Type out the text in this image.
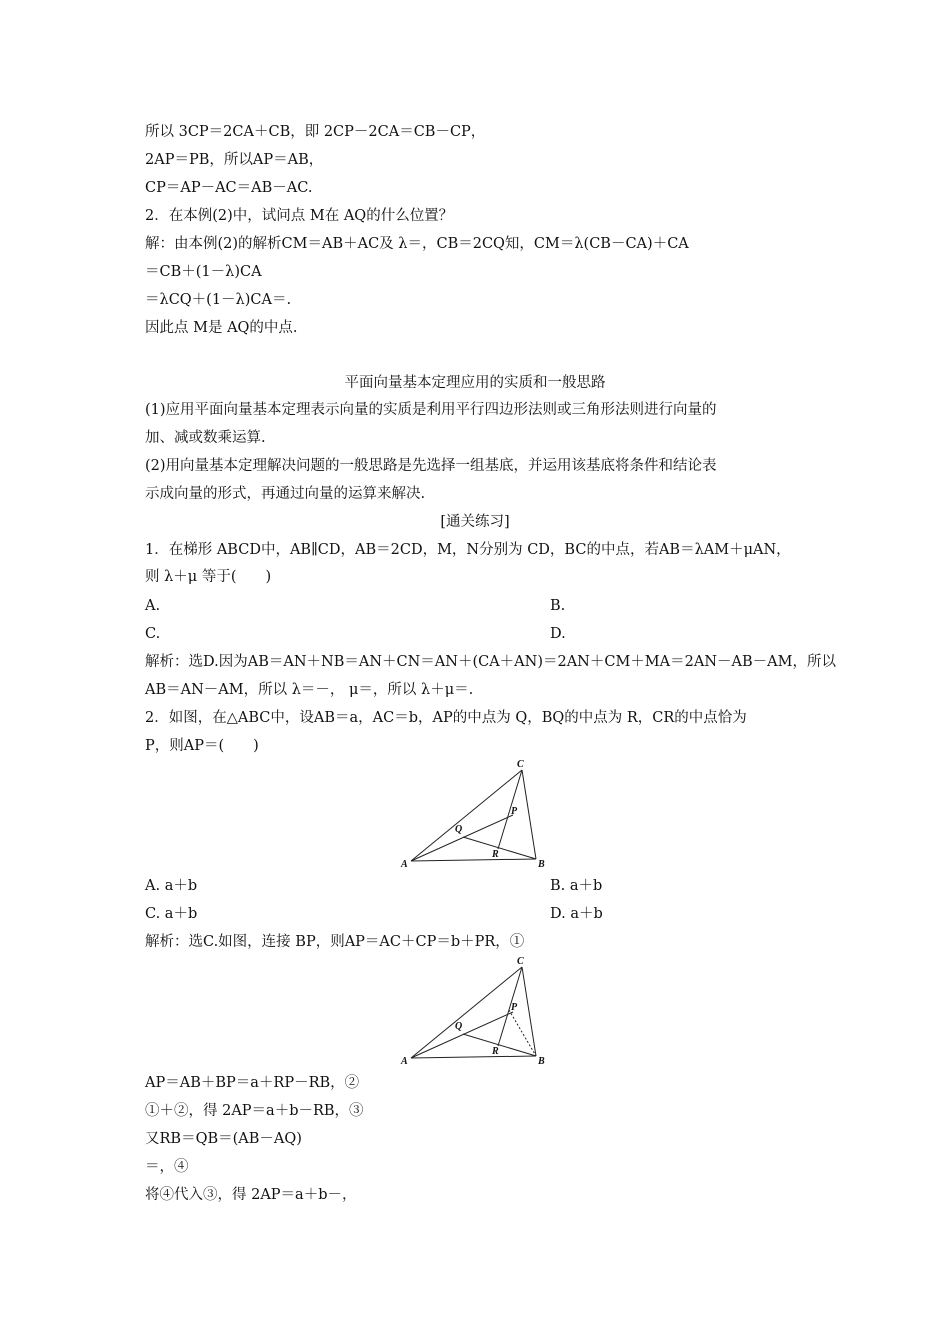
所以 3CP＝2CA＋CB，即 2CP－2CA＝CB－CP，
2AP＝PB，所以AP＝AB，
CP＝AP－AC＝AB－AC.
2．在本例(2)中，试问点 M在 AQ的什么位置？
解：由本例(2)的解析CM＝AB＋AC及 λ＝，CB＝2CQ知，CM＝λ(CB－CA)＋CA
＝CB＋(1－λ)CA
＝λCQ＋(1－λ)CA＝.
因此点 M是 AQ的中点.
平面向量基本定理应用的实质和一般思路
(1)应用平面向量基本定理表示向量的实质是利用平行四边形法则或三角形法则进行向量的
加、减或数乘运算.
(2)用向量基本定理解决问题的一般思路是先选择一组基底，并运用该基底将条件和结论表
示成向量的形式，再通过向量的运算来解决.
[通关练习]
1．在梯形 ABCD中，AB∥CD，AB＝2CD，M，N分别为 CD，BC的中点，若AB＝λAM＋μAN，
则 λ＋μ 等于(　　)
A.	B.
C.	D.
解析：选D.因为AB＝AN＋NB＝AN＋CN＝AN＋(CA＋AN)＝2AN＋CM＋MA＝2AN－AB－AM，所以
AB＝AN－AM，所以 λ＝－， μ＝，所以 λ＋μ＝.
2．如图，在△ABC中，设AB＝a，AC＝b，AP的中点为 Q，BQ的中点为 R，CR的中点恰为
P，则AP＝(　　)
A	B
C
P
Q
R
A. a＋b	B. a＋b
C. a＋b	D. a＋b
解析：选C.如图，连接 BP，则AP＝AC＋CP＝b＋PR，①
A	B
C
P
Q
R
AP＝AB＋BP＝a＋RP－RB，②
①＋②，得 2AP＝a＋b－RB，③
又RB＝QB＝(AB－AQ)
＝，④
将④代入③，得 2AP＝a＋b－，
